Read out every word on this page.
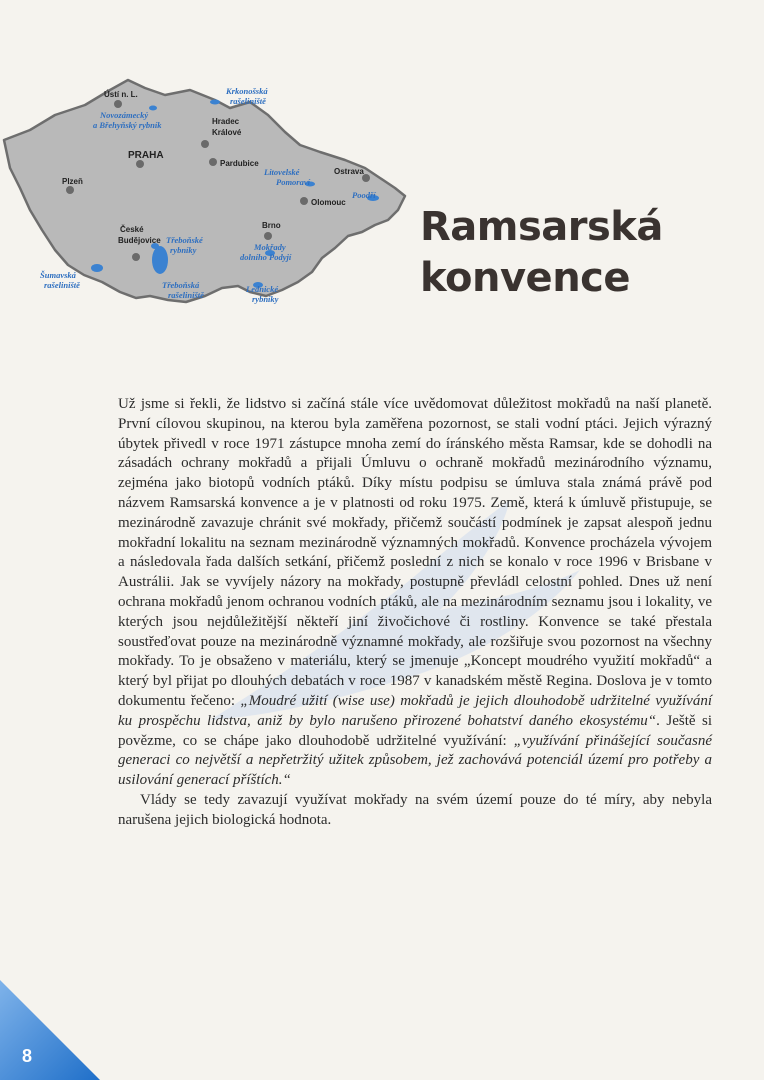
Ústí n. L.
Hradec
Králové
PRAHA
Pardubice
Plzeň
Ostrava
Olomouc
Brno
České
Budějovice
Krkonošská
rašeliniště
Novozámecký
a Břehyňský rybník
Litovelské
Pomoraví
Poodří
Třeboňské
rybníky	Mokřady
dolního Podyjí
Šumavská
rašeliniště	Třeboňská
rašeliniště
Lednické
rybníky
Ramsarská
konvence

Už jsme si řekli, že lidstvo si začíná stále více uvědomovat důležitost mokřadů na naší planetě. První cílovou skupinou, na kterou byla zaměřena pozornost, se stali vodní ptáci. Jejich výrazný úbytek přivedl v roce 1971 zástupce mnoha zemí do íránského města Ramsar, kde se dohodli na zásadách ochrany mokřadů a přijali Úmluvu o ochraně mokřadů mezinárodního významu, zejména jako biotopů vodních ptáků. Díky místu podpisu se úmluva stala známá právě pod názvem Ramsarská konvence a je v platnosti od roku 1975. Země, která k úmluvě přistupuje, se mezinárodně zavazuje chránit své mokřady, přičemž součástí podmínek je zapsat alespoň jednu mokřadní lokalitu na seznam mezinárodně významných mokřadů. Konvence procházela vývojem a následovala řada dalších setkání, přičemž poslední z nich se konalo v roce 1996 v Brisbane v Austrálii. Jak se vyvíjely názory na mokřady, postupně převládl celostní pohled. Dnes už není ochrana mokřadů jenom ochranou vodních ptáků, ale na mezinárodním seznamu jsou i lokality, ve kterých jsou nejdůležitější někteří jiní živočichové či rostliny. Konvence se také přestala soustřeďovat pouze na mezinárodně významné mokřady, ale rozšiřuje svou pozornost na všechny mokřady. To je obsaženo v materiálu, který se jmenuje „Koncept moudrého využití mokřadů“ a který byl přijat po dlouhých debatách v roce 1987 v kanadském městě Regina. Doslova je v tomto dokumentu řečeno: „Moudré užití (wise use) mokřadů je jejich dlouhodobě udržitelné využívání ku prospěchu lidstva, aniž by bylo narušeno přirozené bohatství daného ekosystému“. Ještě si povězme, co se chápe jako dlouhodobě udržitelné využívání: „využívání přinášející současné generaci co největší a nepřetržitý užitek způsobem, jež zachovává potenciál území pro potřeby a usilování generací příštích.“

Vlády se tedy zavazují využívat mokřady na svém území pouze do té míry, aby nebyla narušena jejich biologická hodnota.

8
